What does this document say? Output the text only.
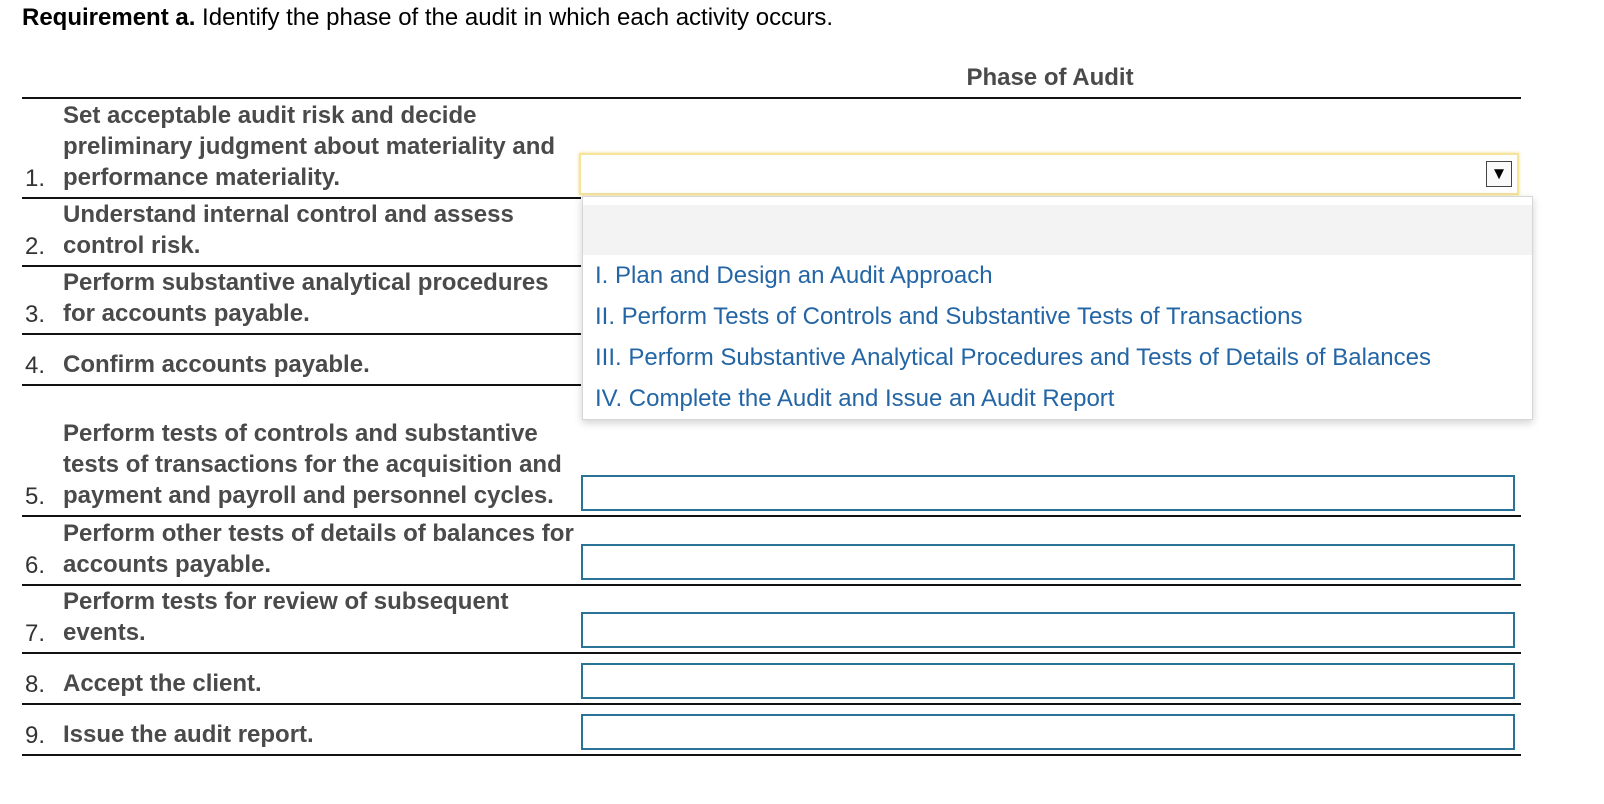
Requirement a. Identify the phase of the audit in which each activity occurs.
Phase of Audit
1.
Set acceptable audit risk and decide preliminary judgment about materiality and performance materiality.
2.
Understand internal control and assess control risk.
3.
Perform substantive analytical procedures for accounts payable.
4. Confirm accounts payable.
5.
Perform tests of controls and substantive tests of transactions for the acquisition and payment and payroll and personnel cycles.
6.
Perform other tests of details of balances for accounts payable.
7.
Perform tests for review of subsequent events.
8. Accept the client.
9. Issue the audit report.
▼
I. Plan and Design an Audit Approach
II. Perform Tests of Controls and Substantive Tests of Transactions
III. Perform Substantive Analytical Procedures and Tests of Details of Balances
IV. Complete the Audit and Issue an Audit Report
